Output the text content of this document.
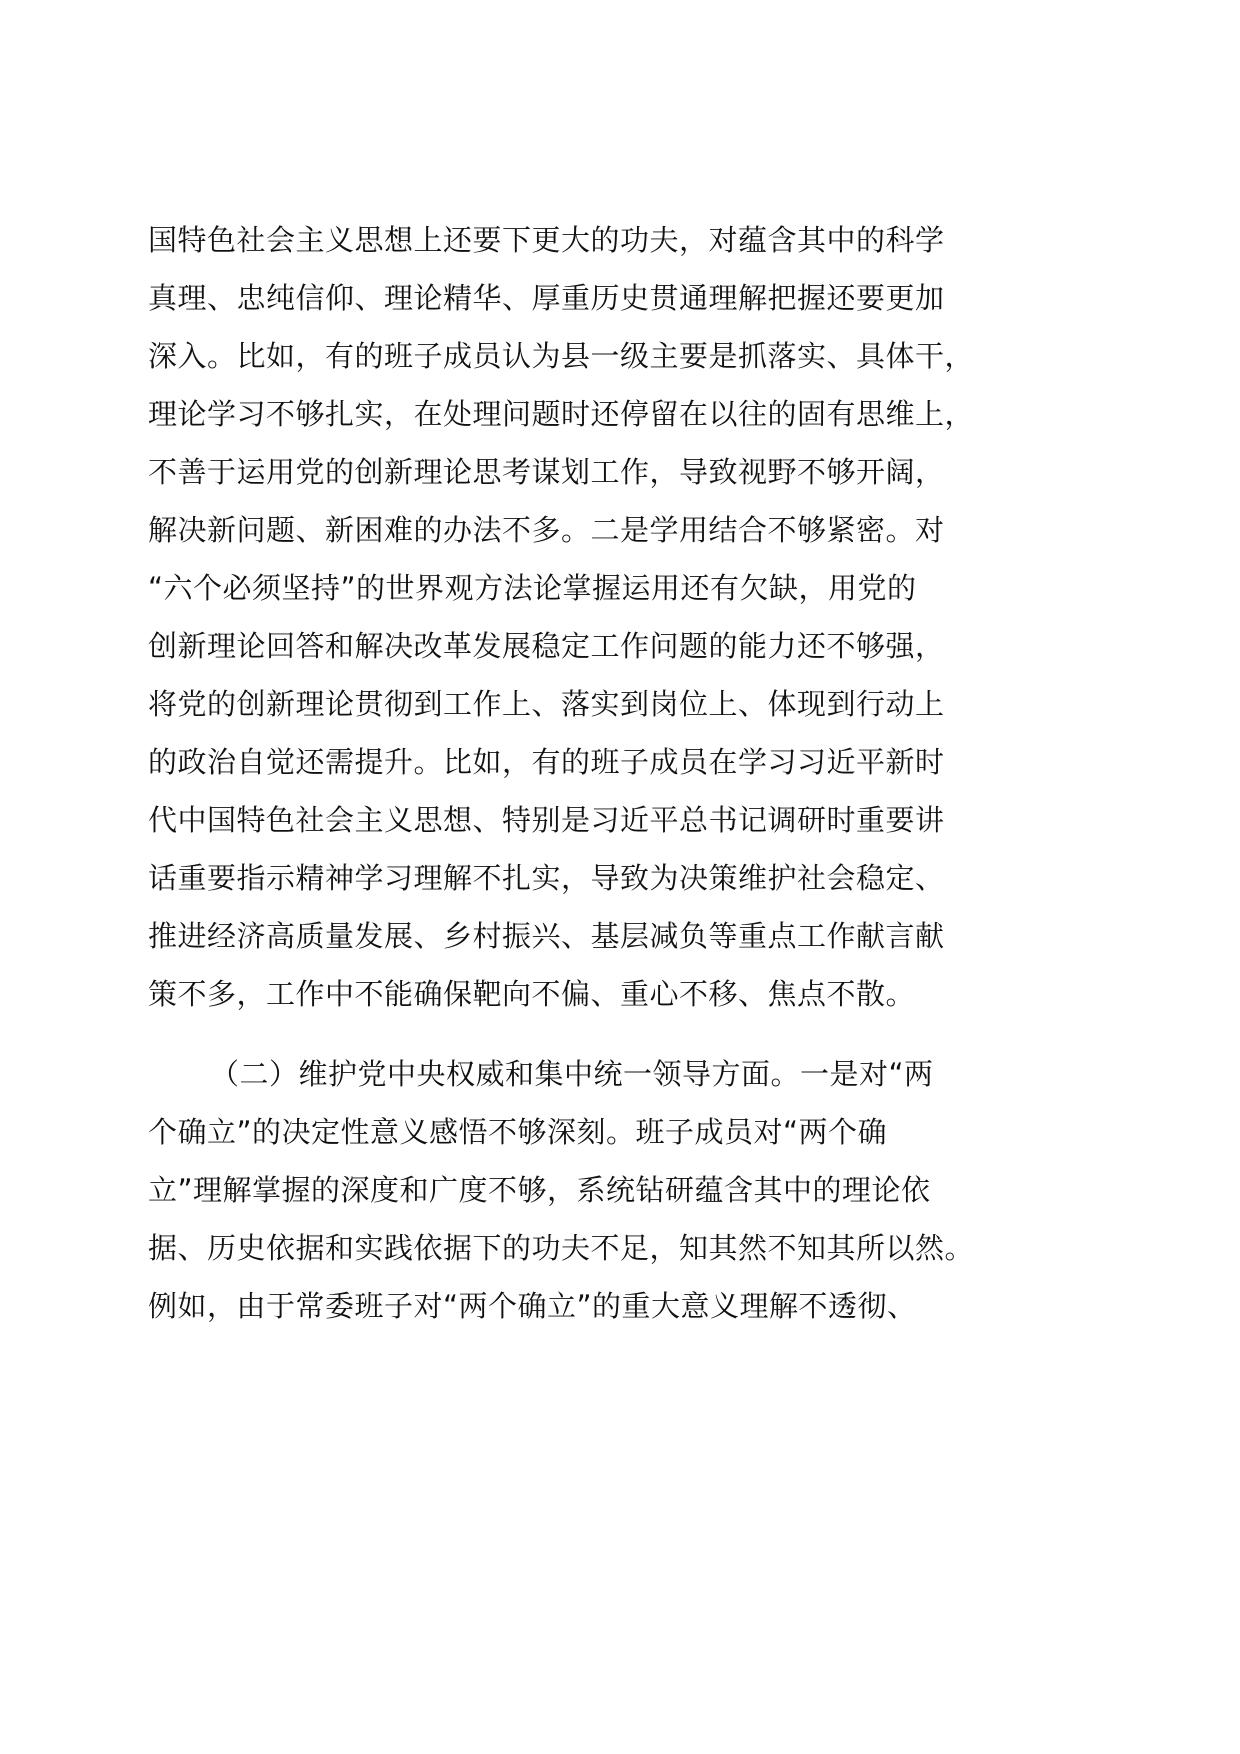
国特色社会主义思想上还要下更大的功夫，对蕴含其中的科学
真理、忠纯信仰、理论精华、厚重历史贯通理解把握还要更加
深入。比如，有的班子成员认为县一级主要是抓落实、具体干，
理论学习不够扎实，在处理问题时还停留在以往的固有思维上，
不善于运用党的创新理论思考谋划工作，导致视野不够开阔，
解决新问题、新困难的办法不多。二是学用结合不够紧密。对
“六个必须坚持”的世界观方法论掌握运用还有欠缺，用党的
创新理论回答和解决改革发展稳定工作问题的能力还不够强，
将党的创新理论贯彻到工作上、落实到岗位上、体现到行动上
的政治自觉还需提升。比如，有的班子成员在学习习近平新时
代中国特色社会主义思想、特别是习近平总书记调研时重要讲
话重要指示精神学习理解不扎实，导致为决策维护社会稳定、
推进经济高质量发展、乡村振兴、基层减负等重点工作献言献
策不多，工作中不能确保靶向不偏、重心不移、焦点不散。
（二）维护党中央权威和集中统一领导方面。一是对“两
个确立”的决定性意义感悟不够深刻。班子成员对“两个确
立”理解掌握的深度和广度不够，系统钻研蕴含其中的理论依
据、历史依据和实践依据下的功夫不足，知其然不知其所以然。
例如，由于常委班子对“两个确立”的重大意义理解不透彻、
